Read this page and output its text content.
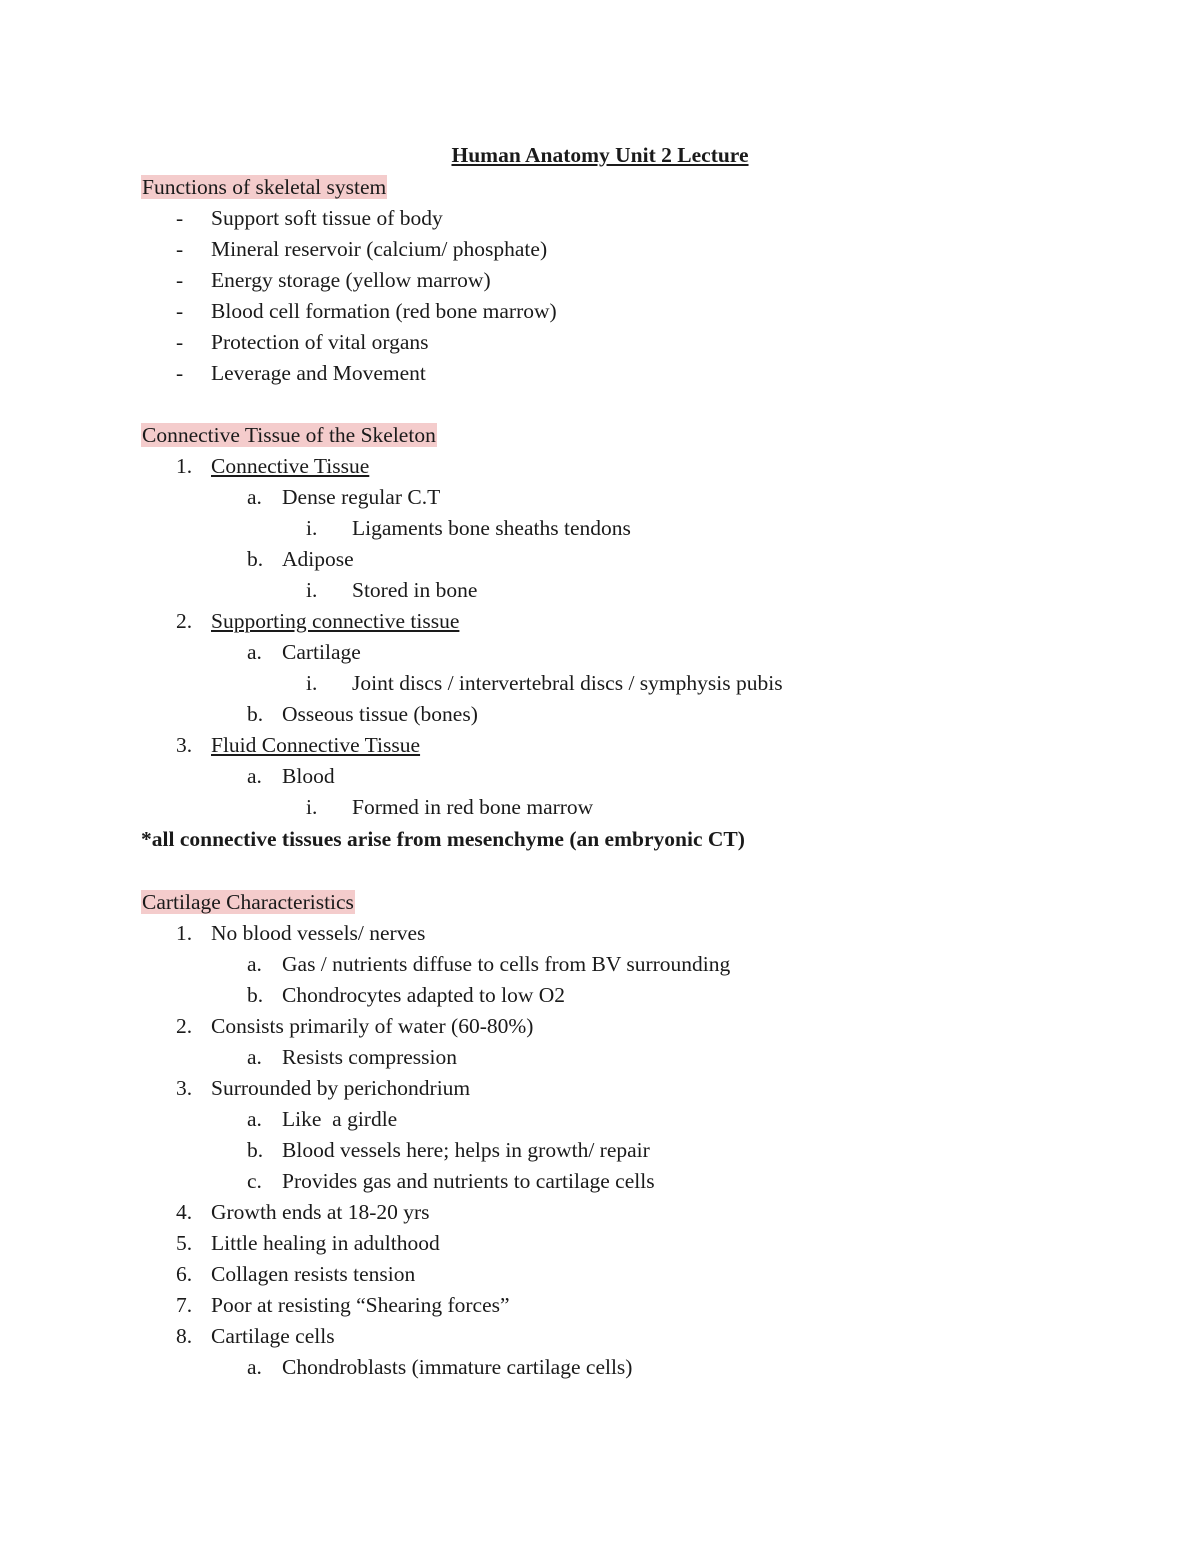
Human Anatomy Unit 2 Lecture
Functions of skeletal system
- Support soft tissue of body
- Mineral reservoir (calcium/ phosphate)
- Energy storage (yellow marrow)
- Blood cell formation (red bone marrow)
- Protection of vital organs
- Leverage and Movement
Connective Tissue of the Skeleton
1. Connective Tissue
a. Dense regular C.T
i. Ligaments bone sheaths tendons
b. Adipose
i. Stored in bone
2. Supporting connective tissue
a. Cartilage
i. Joint discs / intervertebral discs / symphysis pubis
b. Osseous tissue (bones)
3. Fluid Connective Tissue
a. Blood
i. Formed in red bone marrow
*all connective tissues arise from mesenchyme (an embryonic CT)
Cartilage Characteristics
1. No blood vessels/ nerves
a. Gas / nutrients diffuse to cells from BV surrounding
b. Chondrocytes adapted to low O2
2. Consists primarily of water (60-80%)
a. Resists compression
3. Surrounded by perichondrium
a. Like  a girdle
b. Blood vessels here; helps in growth/ repair
c. Provides gas and nutrients to cartilage cells
4. Growth ends at 18-20 yrs
5. Little healing in adulthood
6. Collagen resists tension
7. Poor at resisting “Shearing forces”
8. Cartilage cells
a. Chondroblasts (immature cartilage cells)
